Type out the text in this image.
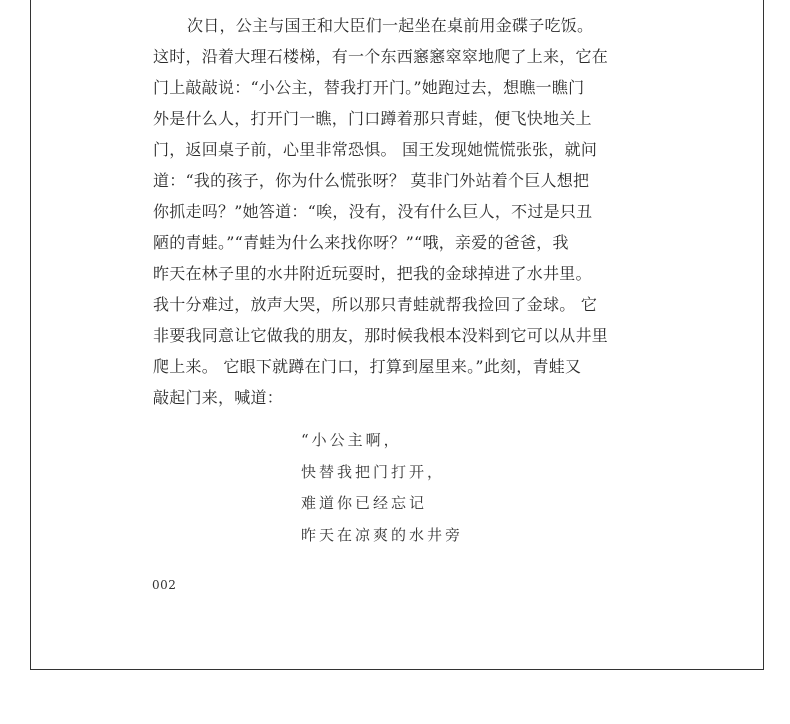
次日，公主与国王和大臣们一起坐在桌前用金碟子吃饭。
这时，沿着大理石楼梯，有一个东西窸窸窣窣地爬了上来，它在
门上敲敲说：“小公主，替我打开门。”她跑过去，想瞧一瞧门
外是什么人，打开门一瞧，门口蹲着那只青蛙，便飞快地关上
门，返回桌子前，心里非常恐惧。 国王发现她慌慌张张，就问
道：“我的孩子，你为什么慌张呀？ 莫非门外站着个巨人想把
你抓走吗？”她答道：“唉，没有，没有什么巨人，不过是只丑
陋的青蛙。”“青蛙为什么来找你呀？”“哦，亲爱的爸爸，我
昨天在林子里的水井附近玩耍时，把我的金球掉进了水井里。
我十分难过，放声大哭，所以那只青蛙就帮我捡回了金球。 它
非要我同意让它做我的朋友，那时候我根本没料到它可以从井里
爬上来。 它眼下就蹲在门口，打算到屋里来。”此刻，青蛙又
敲起门来，喊道：
“小公主啊，
快替我把门打开，
难道你已经忘记
昨天在凉爽的水井旁
002
